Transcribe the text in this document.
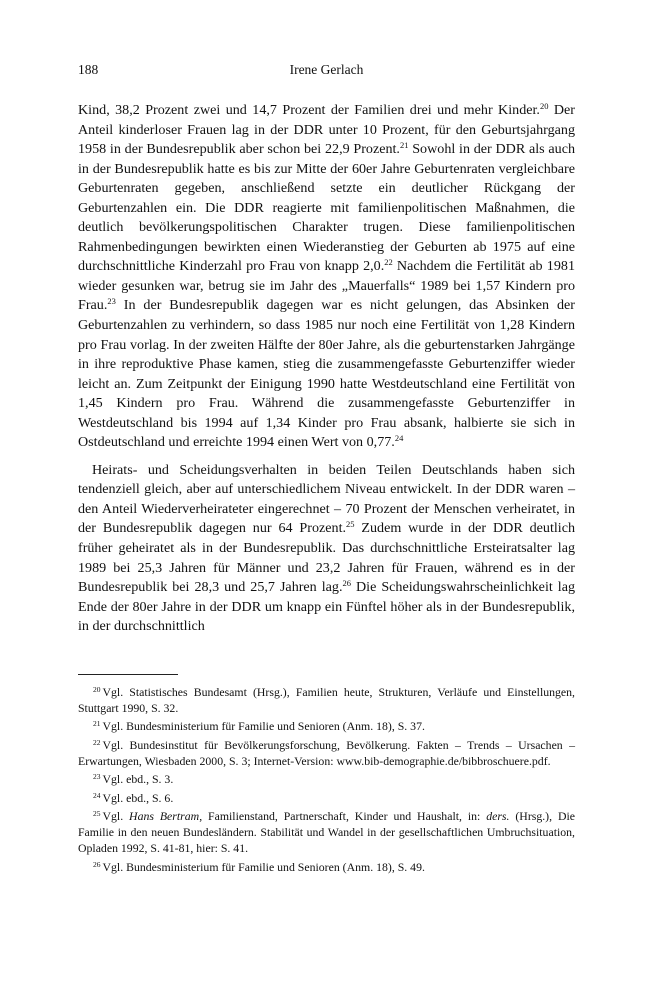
188	Irene Gerlach

Kind, 38,2 Prozent zwei und 14,7 Prozent der Familien drei und mehr Kinder.$^{20}$ Der Anteil kinderloser Frauen lag in der DDR unter 10 Prozent, für den Geburtsjahrgang 1958 in der Bundesrepublik aber schon bei 22,9 Prozent.$^{21}$ Sowohl in der DDR als auch in der Bundesrepublik hatte es bis zur Mitte der 60er Jahre Geburtenraten vergleichbare Geburtenraten gegeben, anschließend setzte ein deutlicher Rückgang der Geburtenzahlen ein. Die DDR reagierte mit familienpolitischen Maßnahmen, die deutlich bevölkerungspolitischen Charakter trugen. Diese familienpolitischen Rahmenbedingungen bewirkten einen Wiederanstieg der Geburten ab 1975 auf eine durchschnittliche Kinderzahl pro Frau von knapp 2,0.22 Nachdem die Fertilität ab 1981 wieder gesunken war, betrug sie im Jahr des „Mauerfalls“ 1989 bei 1,57 Kindern pro Frau.$^{23}$ In der Bundesrepublik dagegen war es nicht gelungen, das Absinken der Geburtenzahlen zu verhindern, so dass 1985 nur noch eine Fertilität von 1,28 Kindern pro Frau vorlag. In der zweiten Hälfte der 80er Jahre, als die geburtenstarken Jahrgänge in ihre reproduktive Phase kamen, stieg die zusammengefasste Geburtenziffer wieder leicht an. Zum Zeitpunkt der Einigung 1990 hatte Westdeutschland eine Fertilität von 1,45 Kindern pro Frau. Während die zusammengefasste Geburtenziffer in Westdeutschland bis 1994 auf 1,34 Kinder pro Frau absank, halbierte sie sich in Ostdeutschland und erreichte 1994 einen Wert von 0,77.24

Heirats- und Scheidungsverhalten in beiden Teilen Deutschlands haben sich tendenziell gleich, aber auf unterschiedlichem Niveau entwickelt. In der DDR waren – den Anteil Wiederverheirateter eingerechnet – 70 Prozent der Menschen verheiratet, in der Bundesrepublik dagegen nur 64 Prozent.$^{25}$ Zudem wurde in der DDR deutlich früher geheiratet als in der Bundesrepublik. Das durchschnittliche Ersteiratsalter lag 1989 bei 25,3 Jahren für Männer und 23,2 Jahren für Frauen, während es in der Bundesrepublik bei 28,3 und 25,7 Jahren lag.$^{26}$ Die Scheidungswahrscheinlichkeit lag Ende der 80er Jahre in der DDR um knapp ein Fünftel höher als in der Bundesrepublik, in der durchschnittlich

$^{20}$ Vgl. Statistisches Bundesamt (Hrsg.), Familien heute, Strukturen, Verläufe und Einstellungen, Stuttgart 1990, S. 32.

$^{21}$ Vgl. Bundesministerium für Familie und Senioren (Anm. 18), S. 37.

$^{22}$ Vgl. Bundesinstitut für Bevölkerungsforschung, Bevölkerung. Fakten – Trends – Ursachen – Erwartungen, Wiesbaden 2000, S. 3; Internet-Version: www.bib-demographie.de/bibbroschuere.pdf.

$^{23}$ Vgl. ebd., S. 3.

$^{24}$ Vgl. ebd., S. 6.

$^{25}$ Vgl. Hans Bertram, Familienstand, Partnerschaft, Kinder und Haushalt, in: ders. (Hrsg.), Die Familie in den neuen Bundesländern. Stabilität und Wandel in der gesellschaftlichen Umbruchsituation, Opladen 1992, S. 41-81, hier: S. 41.

$^{26}$ Vgl. Bundesministerium für Familie und Senioren (Anm. 18), S. 49.
